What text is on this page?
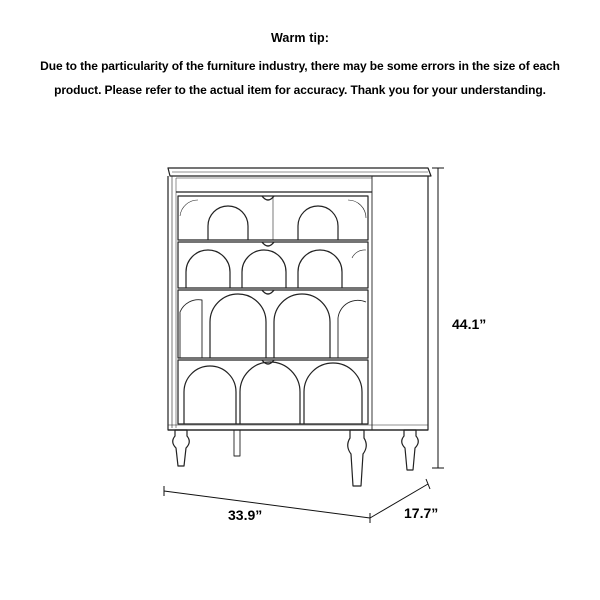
Warm tip:
Due to the particularity of the furniture industry, there may be some errors in the size of each
product. Please refer to the actual item for accuracy. Thank you for your understanding.
44.1”
33.9”	17.7”
